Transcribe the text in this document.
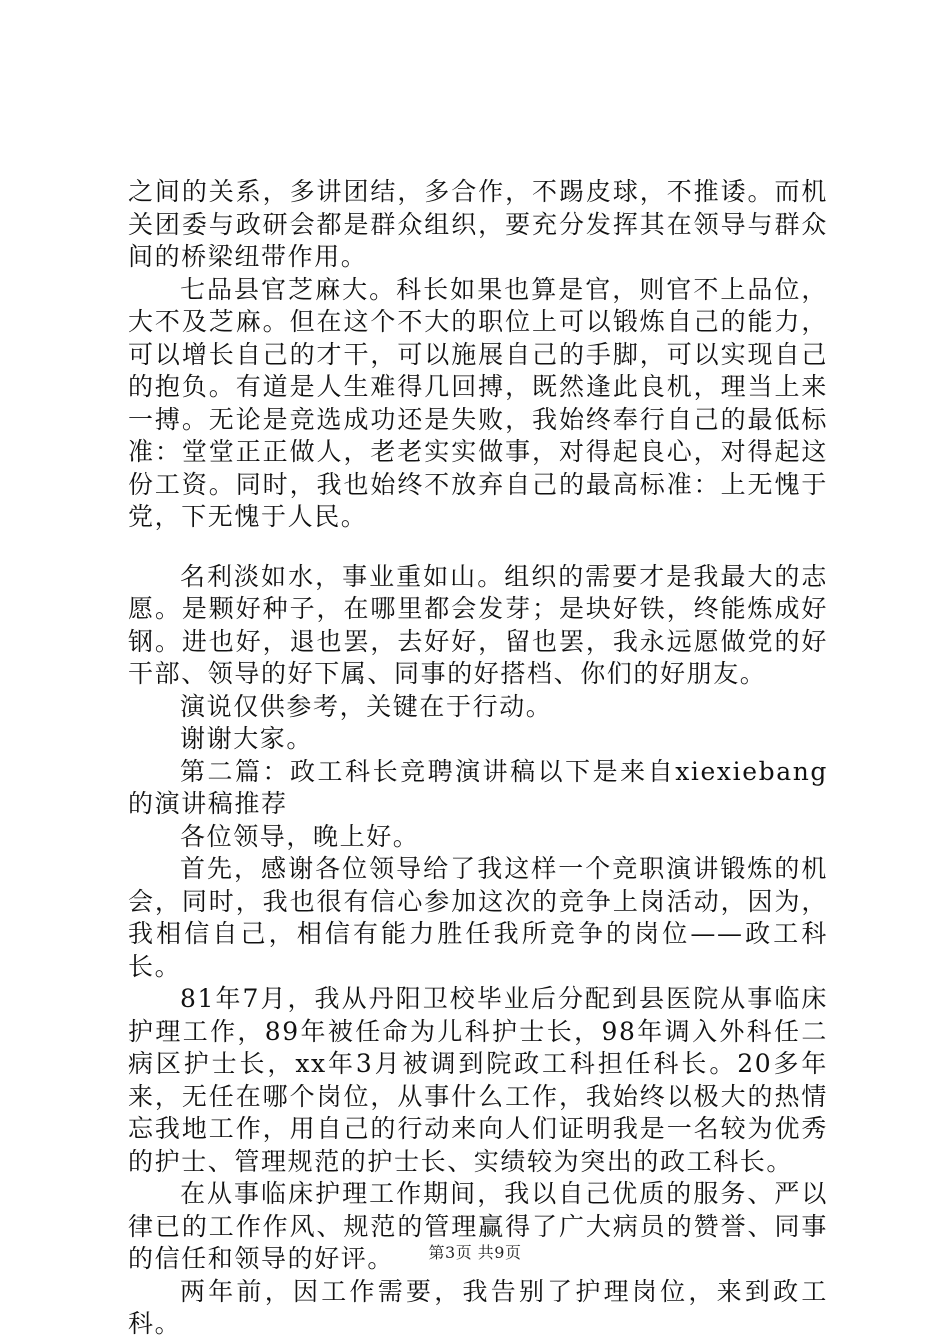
之间的关系，多讲团结，多合作，不踢皮球，不推诿。而机关团委与政研会都是群众组织，要充分发挥其在领导与群众间的桥梁纽带作用。

七品县官芝麻大。科长如果也算是官，则官不上品位，大不及芝麻。但在这个不大的职位上可以锻炼自己的能力，可以增长自己的才干，可以施展自己的手脚，可以实现自己的抱负。有道是人生难得几回搏，既然逢此良机，理当上来一搏。无论是竞选成功还是失败，我始终奉行自己的最低标准：堂堂正正做人，老老实实做事，对得起良心，对得起这份工资。同时，我也始终不放弃自己的最高标准：上无愧于党，下无愧于人民。

名利淡如水，事业重如山。组织的需要才是我最大的志愿。是颗好种子，在哪里都会发芽；是块好铁，终能炼成好钢。进也好，退也罢，去好好，留也罢，我永远愿做党的好干部、领导的好下属、同事的好搭档、你们的好朋友。

演说仅供参考，关键在于行动。

谢谢大家。

第二篇：政工科长竞聘演讲稿以下是来自xiexiebang的演讲稿推荐

各位领导，晚上好。

首先，感谢各位领导给了我这样一个竞职演讲锻炼的机会，同时，我也很有信心参加这次的竞争上岗活动，因为，我相信自己，相信有能力胜任我所竞争的岗位——政工科长。

81年7月，我从丹阳卫校毕业后分配到县医院从事临床护理工作，89年被任命为儿科护士长，98年调入外科任二病区护士长，xx年3月被调到院政工科担任科长。20多年来，无任在哪个岗位，从事什么工作，我始终以极大的热情忘我地工作，用自己的行动来向人们证明我是一名较为优秀的护士、管理规范的护士长、实绩较为突出的政工科长。

在从事临床护理工作期间，我以自己优质的服务、严以律已的工作作风、规范的管理赢得了广大病员的赞誉、同事的信任和领导的好评。

两年前，因工作需要，我告别了护理岗位，来到政工科。

第3页 共9页
